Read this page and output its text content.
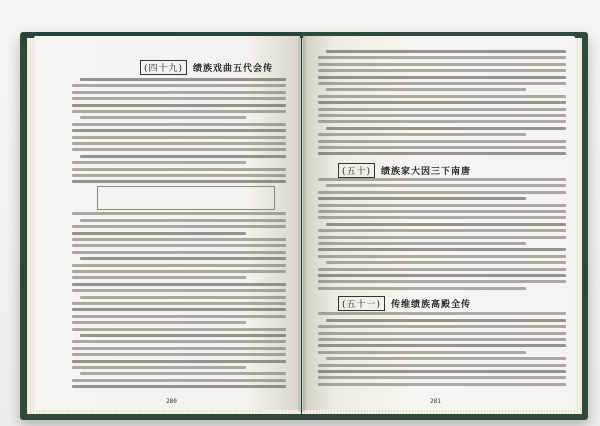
(四十九) 绩族戏曲五代会传
280
(五十) 绩族家大因三下南唐
(五十一) 传维绩族高殿全传
281
